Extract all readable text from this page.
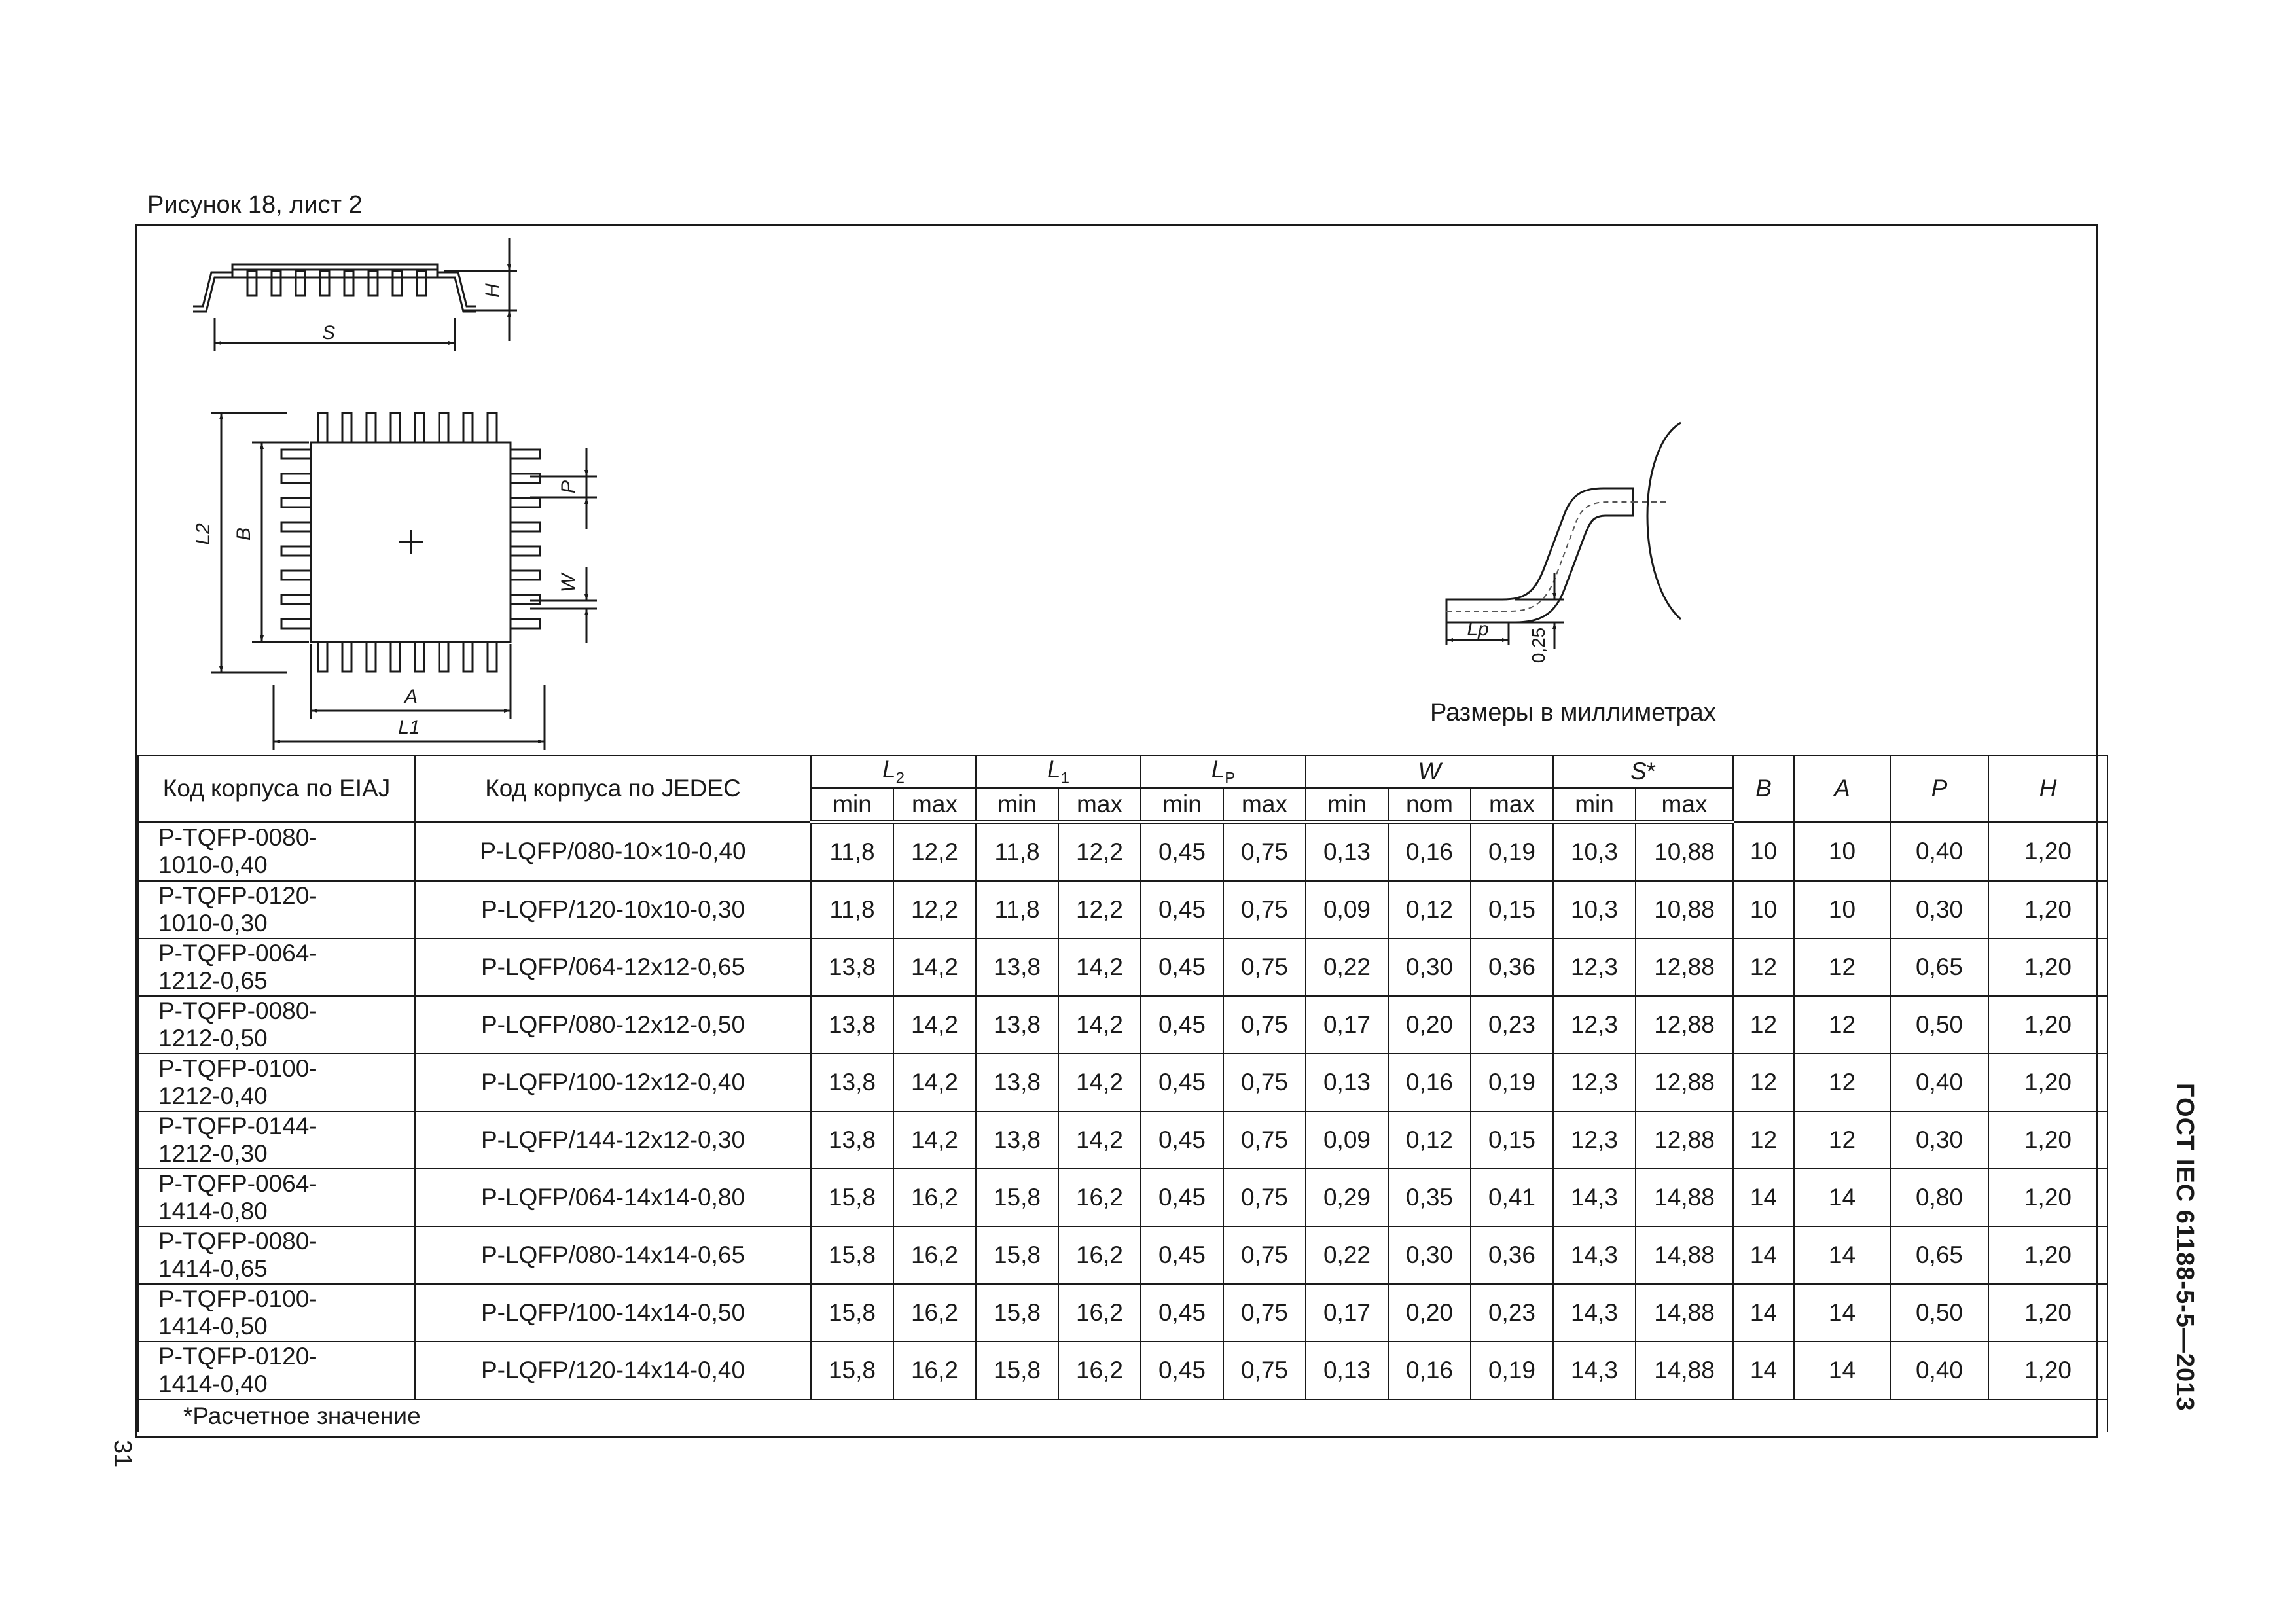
Рисунок 18, лист 2
S
H
L2 B
P
W
A
L1
Lp 0,25
Размеры в миллиметрах
Код корпуса по EIAJ	Код корпуса по JEDEC	$L_2$		$L_1$		$L_P$		W			S*		B	A	P	H
		min	max	min	max	min	max	min	nom	max	min	max				
P-TQFP-0080-
1010-0,40	P-LQFP/080-10×10-0,40	11,8	12,2	11,8	12,2	0,45	0,75	0,13	0,16	0,19	10,3	10,88	10	10	0,40	1,20
P-TQFP-0120-
1010-0,30	P-LQFP/120-10x10-0,30	11,8	12,2	11,8	12,2	0,45	0,75	0,09	0,12	0,15	10,3	10,88	10	10	0,30	1,20
P-TQFP-0064-
1212-0,65	P-LQFP/064-12x12-0,65	13,8	14,2	13,8	14,2	0,45	0,75	0,22	0,30	0,36	12,3	12,88	12	12	0,65	1,20
P-TQFP-0080-
1212-0,50	P-LQFP/080-12x12-0,50	13,8	14,2	13,8	14,2	0,45	0,75	0,17	0,20	0,23	12,3	12,88	12	12	0,50	1,20
P-TQFP-0100-
1212-0,40	P-LQFP/100-12x12-0,40	13,8	14,2	13,8	14,2	0,45	0,75	0,13	0,16	0,19	12,3	12,88	12	12	0,40	1,20
P-TQFP-0144-
1212-0,30	P-LQFP/144-12x12-0,30	13,8	14,2	13,8	14,2	0,45	0,75	0,09	0,12	0,15	12,3	12,88	12	12	0,30	1,20
P-TQFP-0064-
1414-0,80	P-LQFP/064-14x14-0,80	15,8	16,2	15,8	16,2	0,45	0,75	0,29	0,35	0,41	14,3	14,88	14	14	0,80	1,20
P-TQFP-0080-
1414-0,65	P-LQFP/080-14x14-0,65	15,8	16,2	15,8	16,2	0,45	0,75	0,22	0,30	0,36	14,3	14,88	14	14	0,65	1,20
P-TQFP-0100-
1414-0,50	P-LQFP/100-14x14-0,50	15,8	16,2	15,8	16,2	0,45	0,75	0,17	0,20	0,23	14,3	14,88	14	14	0,50	1,20
P-TQFP-0120-
1414-0,40	P-LQFP/120-14x14-0,40	15,8	16,2	15,8	16,2	0,45	0,75	0,13	0,16	0,19	14,3	14,88	14	14	0,40	1,20
*Расчетное значение																
ГОСТ IEC 61188-5-5—2013
31
